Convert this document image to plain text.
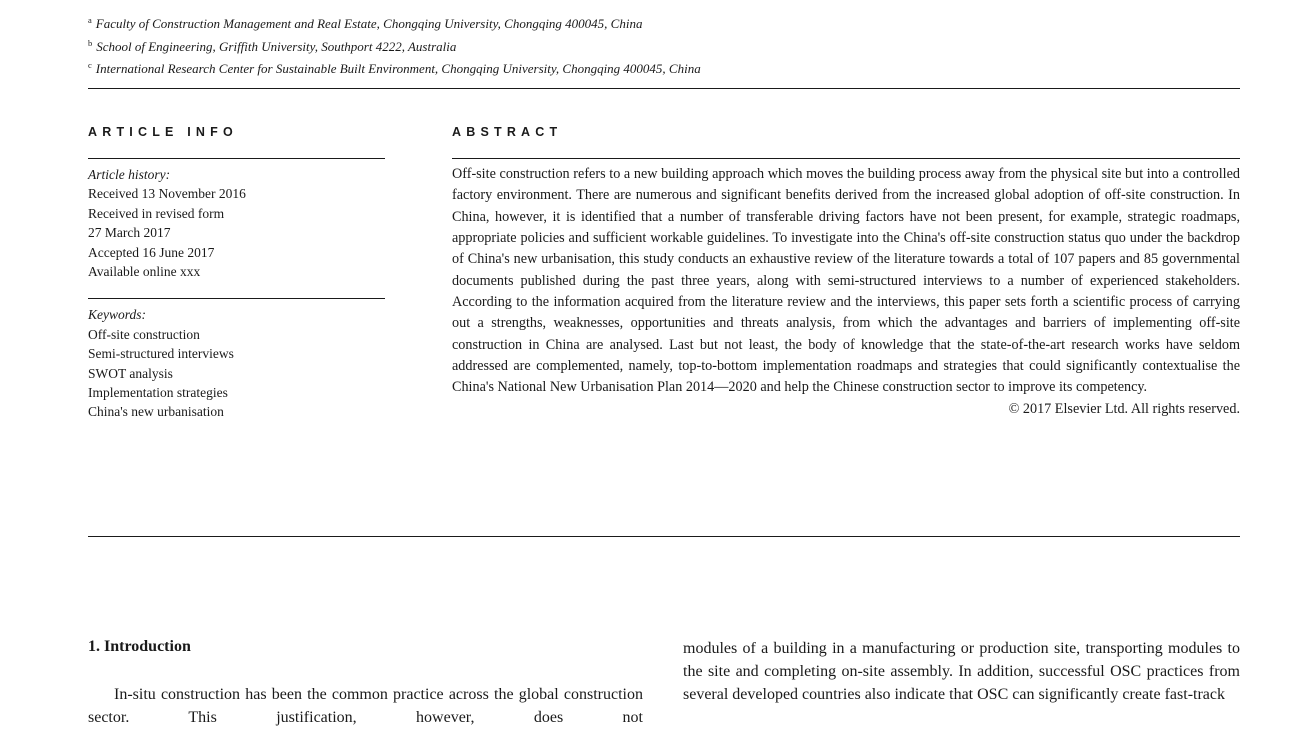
$^a$ Faculty of Construction Management and Real Estate, Chongqing University, Chongqing 400045, China
$^b$ School of Engineering, Griffith University, Southport 4222, Australia
$^c$ International Research Center for Sustainable Built Environment, Chongqing University, Chongqing 400045, China
ARTICLE INFO	ABSTRACT
Article history:
Received 13 November 2016
Received in revised form
27 March 2017
Accepted 16 June 2017
Available online xxx
Keywords:
Off-site construction
Semi-structured interviews
SWOT analysis
Implementation strategies
China's new urbanisation

Off-site construction refers to a new building approach which moves the building process away from the physical site but into a controlled factory environment. There are numerous and significant benefits derived from the increased global adoption of off-site construction. In China, however, it is identified that a number of transferable driving factors have not been present, for example, strategic roadmaps, appropriate policies and sufficient workable guidelines. To investigate into the China's off-site construction status quo under the backdrop of China's new urbanisation, this study conducts an exhaustive review of the literature towards a total of 107 papers and 85 governmental documents published during the past three years, along with semi-structured interviews to a number of experienced stakeholders. According to the information acquired from the literature review and the interviews, this paper sets forth a scientific process of carrying out a strengths, weaknesses, opportunities and threats analysis, from which the advantages and barriers of implementing off-site construction in China are analysed. Last but not least, the body of knowledge that the state-of-the-art research works have seldom addressed are complemented, namely, top-to-bottom implementation roadmaps and strategies that could significantly contextualise the China's National New Urbanisation Plan 2014—2020 and help the Chinese construction sector to improve its competency.

© 2017 Elsevier Ltd. All rights reserved.
1. Introduction

In-situ construction has been the common practice across the global construction sector. This justification, however, does not

modules of a building in a manufacturing or production site, transporting modules to the site and completing on-site assembly. In addition, successful OSC practices from several developed countries also indicate that OSC can significantly create fast-track
